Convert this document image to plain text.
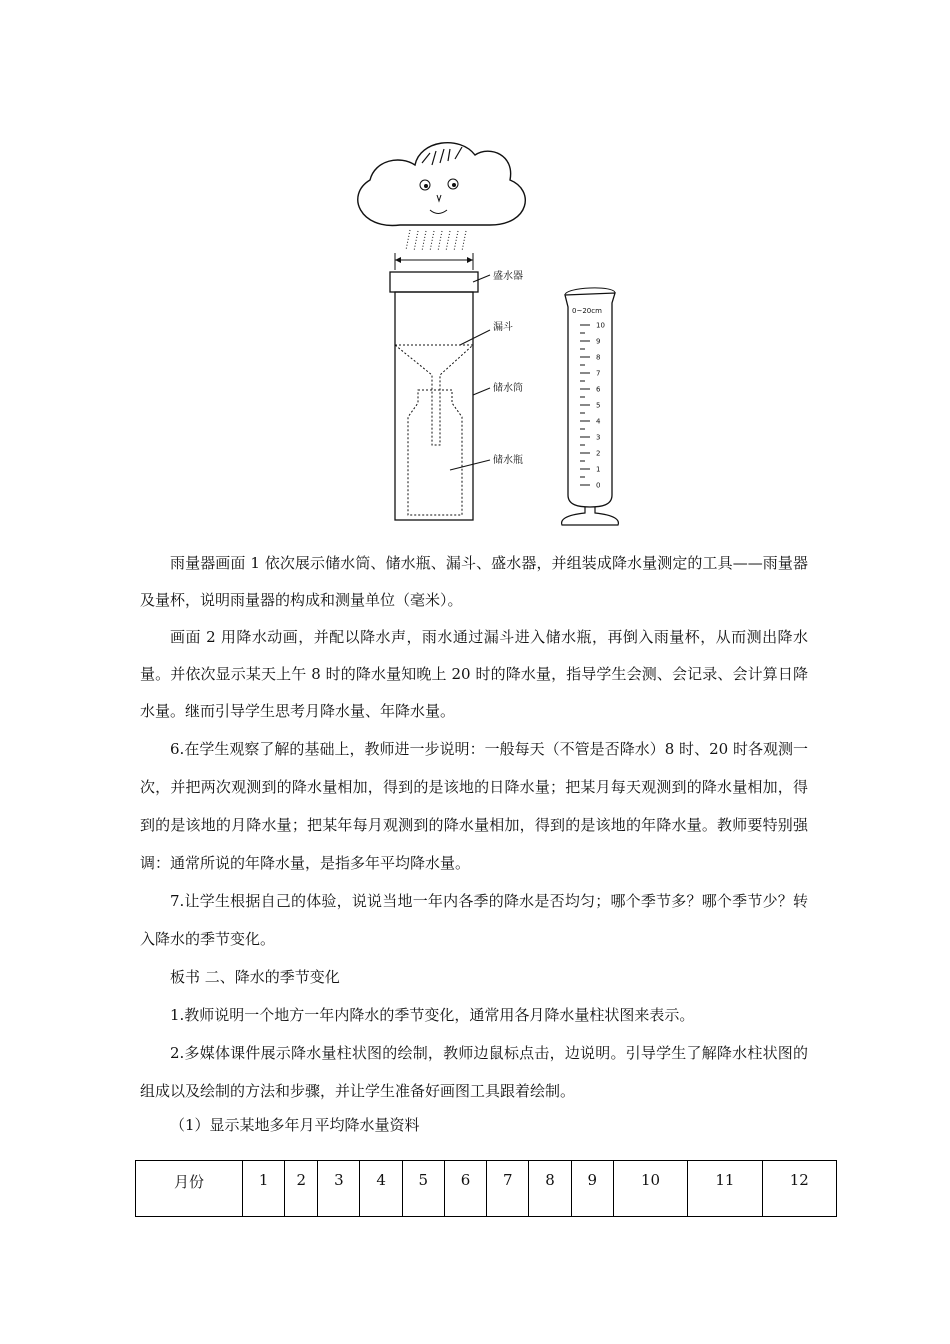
盛水器
漏斗
储水筒
储水瓶
0~20cm
10
9
8
7
6
5
4
3
2
1
0

雨量器画面 1 依次展示储水筒、储水瓶、漏斗、盛水器，并组装成降水量测定的工具——雨量器及量杯，说明雨量器的构成和测量单位（毫米）。

画面 2 用降水动画，并配以降水声，雨水通过漏斗进入储水瓶，再倒入雨量杯，从而测出降水量。并依次显示某天上午 8 时的降水量知晚上 20 时的降水量，指导学生会测、会记录、会计算日降水量。继而引导学生思考月降水量、年降水量。

6.在学生观察了解的基础上，教师进一步说明：一般每天（不管是否降水）8 时、20 时各观测一次，并把两次观测到的降水量相加，得到的是该地的日降水量；把某月每天观测到的降水量相加，得到的是该地的月降水量；把某年每月观测到的降水量相加，得到的是该地的年降水量。教师要特别强调：通常所说的年降水量，是指多年平均降水量。

7.让学生根据自己的体验，说说当地一年内各季的降水是否均匀；哪个季节多？哪个季节少？转入降水的季节变化。

板书 二、降水的季节变化

1.教师说明一个地方一年内降水的季节变化，通常用各月降水量柱状图来表示。

2.多媒体课件展示降水量柱状图的绘制，教师边鼠标点击，边说明。引导学生了解降水柱状图的组成以及绘制的方法和步骤，并让学生准备好画图工具跟着绘制。

（1）显示某地多年月平均降水量资料

月份	1	2	3	4	5	6	7	8	9	10	11	12
